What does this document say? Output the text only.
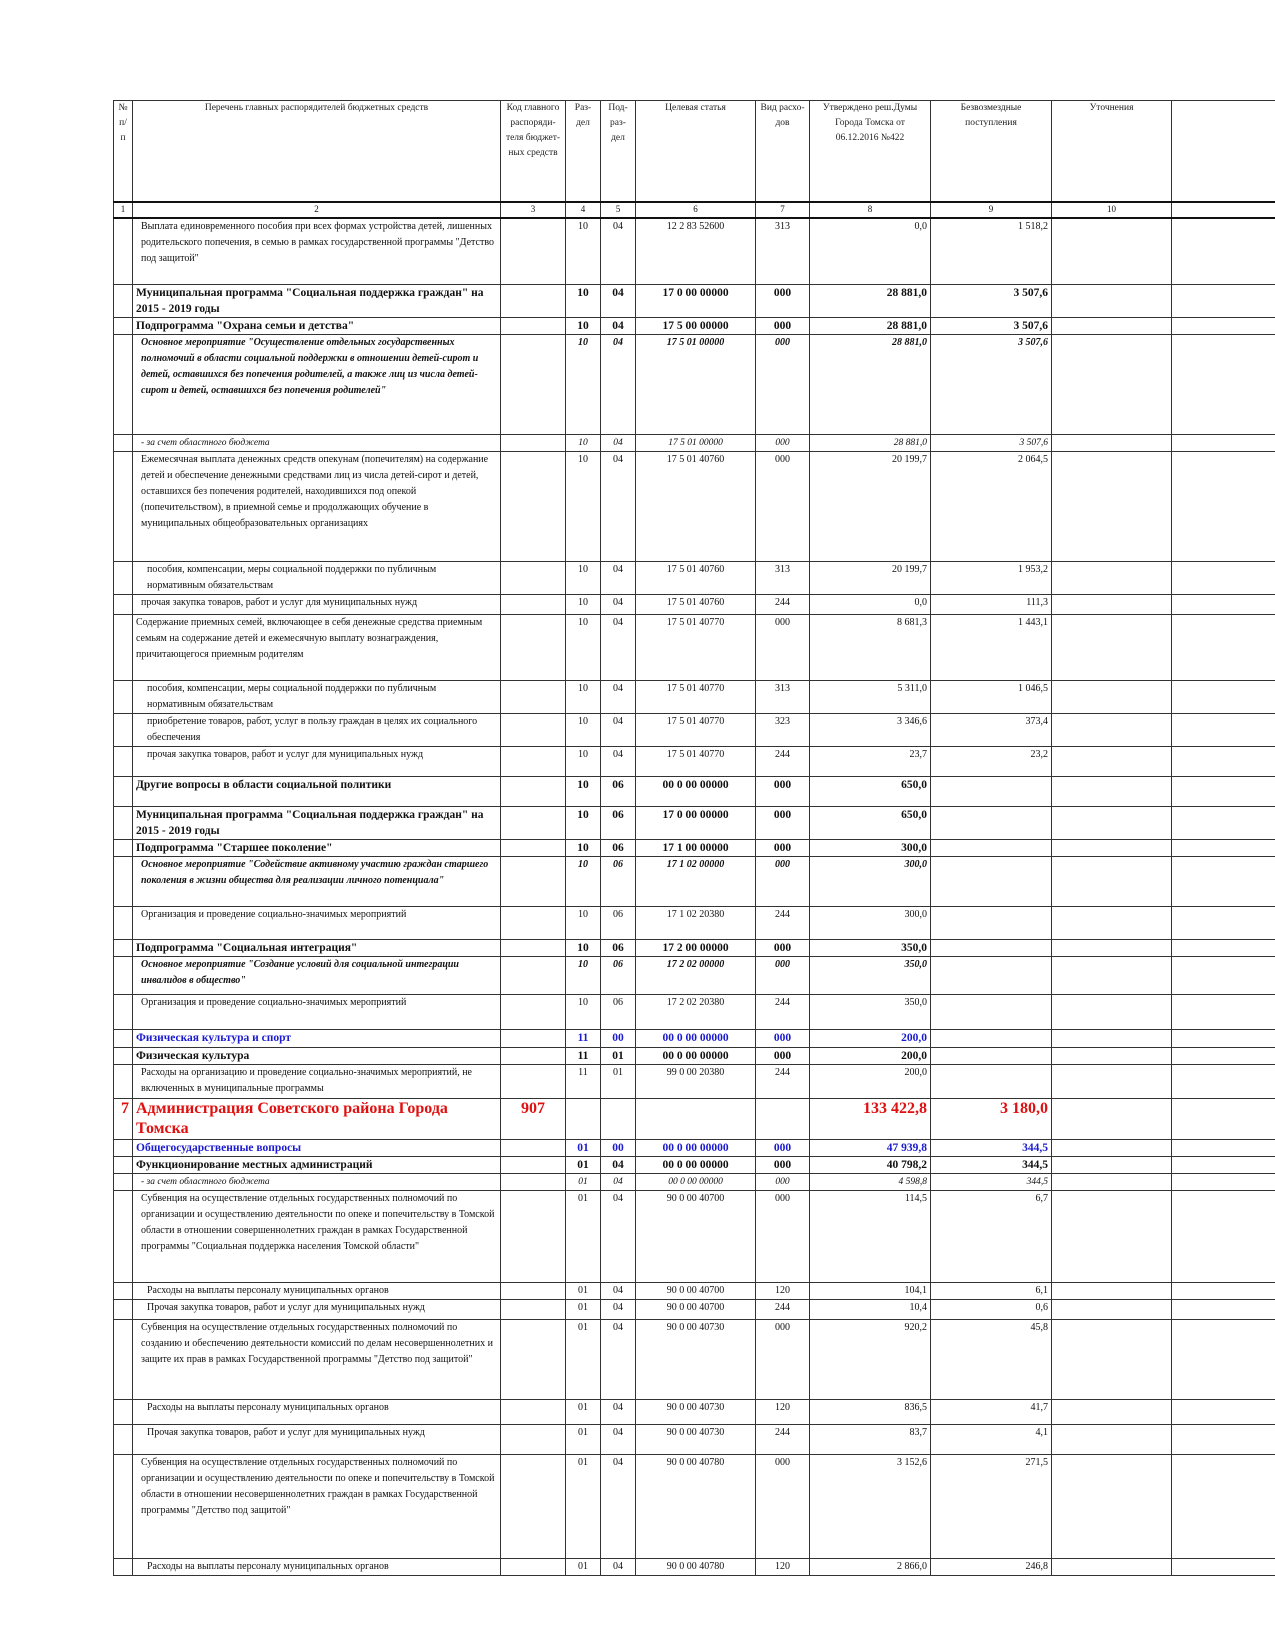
№ п/п	Перечень главных распорядителей бюджетных средств	Код главного распоряди- теля бюджет- ных средств	Раз- дел	Под- раз- дел	Целевая статья	Вид расхо- дов	Утверждено реш.Думы Города Томска от 06.12.2016 №422	Безвозмездные поступления	Уточнения	
1	2	3	4	5	6	7	8	9	10	
	Выплата единовременного пособия при всех формах устройства детей, лишенных родительского попечения, в семью в рамках государственной программы "Детство под защитой"		10	04	12 2 83 52600	313	0,0	1 518,2		
	Муниципальная программа "Социальная поддержка граждан" на 2015 - 2019 годы		10	04	17 0 00 00000	000	28 881,0	3 507,6		
	Подпрограмма "Охрана семьи и детства"		10	04	17 5 00 00000	000	28 881,0	3 507,6		
	Основное мероприятие "Осуществление отдельных государственных полномочий в области социальной поддержки в отношении детей-сирот и детей, оставшихся без попечения родителей, а также лиц из числа детей-сирот и детей, оставшихся без попечения родителей"		10	04	17 5 01 00000	000	28 881,0	3 507,6		
	- за счет областного бюджета		10	04	17 5 01 00000	000	28 881,0	3 507,6		
	Ежемесячная выплата денежных средств опекунам (попечителям) на содержание детей и обеспечение денежными средствами лиц из числа детей-сирот и детей, оставшихся без попечения родителей, находившихся под опекой (попечительством), в приемной семье и продолжающих обучение в муниципальных общеобразовательных организациях		10	04	17 5 01 40760	000	20 199,7	2 064,5		
	пособия, компенсации, меры социальной поддержки по публичным нормативным обязательствам		10	04	17 5 01 40760	313	20 199,7	1 953,2		
	прочая закупка товаров, работ и услуг для муниципальных нужд		10	04	17 5 01 40760	244	0,0	111,3		
	Содержание приемных семей, включающее в себя денежные средства приемным семьям на содержание детей и ежемесячную выплату вознаграждения, причитающегося приемным родителям		10	04	17 5 01 40770	000	8 681,3	1 443,1		
	пособия, компенсации, меры социальной поддержки по публичным нормативным обязательствам		10	04	17 5 01 40770	313	5 311,0	1 046,5		
	приобретение товаров, работ, услуг в пользу граждан в целях их социального обеспечения		10	04	17 5 01 40770	323	3 346,6	373,4		
	прочая закупка товаров, работ и услуг для муниципальных нужд		10	04	17 5 01 40770	244	23,7	23,2		
	Другие вопросы в области социальной политики		10	06	00 0 00 00000	000	650,0			
	Муниципальная программа "Социальная поддержка граждан" на 2015 - 2019 годы		10	06	17 0 00 00000	000	650,0			
	Подпрограмма "Старшее поколение"		10	06	17 1 00 00000	000	300,0			
	Основное мероприятие "Содействие активному участию граждан старшего поколения в жизни общества для реализации личного потенциала"		10	06	17 1 02 00000	000	300,0			
	Организация и проведение социально-значимых мероприятий		10	06	17 1 02 20380	244	300,0			
	Подпрограмма "Социальная интеграция"		10	06	17 2 00 00000	000	350,0			
	Основное мероприятие "Создание условий для социальной интеграции инвалидов в общество"		10	06	17 2 02 00000	000	350,0			
	Организация и проведение социально-значимых мероприятий		10	06	17 2 02 20380	244	350,0			
	Физическая культура и спорт		11	00	00 0 00 00000	000	200,0			
	Физическая культура		11	01	00 0 00 00000	000	200,0			
	Расходы на организацию и проведение социально-значимых мероприятий, не включенных в муниципальные программы		11	01	99 0 00 20380	244	200,0			
7	Администрация Советского района Города Томска	907					133 422,8	3 180,0		
	Общегосударственные вопросы		01	00	00 0 00 00000	000	47 939,8	344,5		
	Функционирование местных администраций		01	04	00 0 00 00000	000	40 798,2	344,5		
	- за счет областного бюджета		01	04	00 0 00 00000	000	4 598,8	344,5		
	Субвенция на осуществление отдельных государственных полномочий по организации и осуществлению деятельности по опеке и попечительству в Томской области в отношении совершеннолетних граждан в рамках Государственной программы "Социальная поддержка населения Томской области"		01	04	90 0 00 40700	000	114,5	6,7		
	Расходы на выплаты персоналу муниципальных органов		01	04	90 0 00 40700	120	104,1	6,1		
	Прочая закупка товаров, работ и услуг для муниципальных нужд		01	04	90 0 00 40700	244	10,4	0,6		
	Субвенция на осуществление отдельных государственных полномочий по созданию и обеспечению деятельности комиссий по делам несовершеннолетних и защите их прав в рамках Государственной программы "Детство под защитой"		01	04	90 0 00 40730	000	920,2	45,8		
	Расходы на выплаты персоналу муниципальных органов		01	04	90 0 00 40730	120	836,5	41,7		
	Прочая закупка товаров, работ и услуг для муниципальных нужд		01	04	90 0 00 40730	244	83,7	4,1		
	Субвенция на осуществление отдельных государственных полномочий по организации и осуществлению деятельности по опеке и попечительству в Томской области в отношении несовершеннолетних граждан в рамках Государственной программы "Детство под защитой"		01	04	90 0 00 40780	000	3 152,6	271,5		
	Расходы на выплаты персоналу муниципальных органов		01	04	90 0 00 40780	120	2 866,0	246,8		
